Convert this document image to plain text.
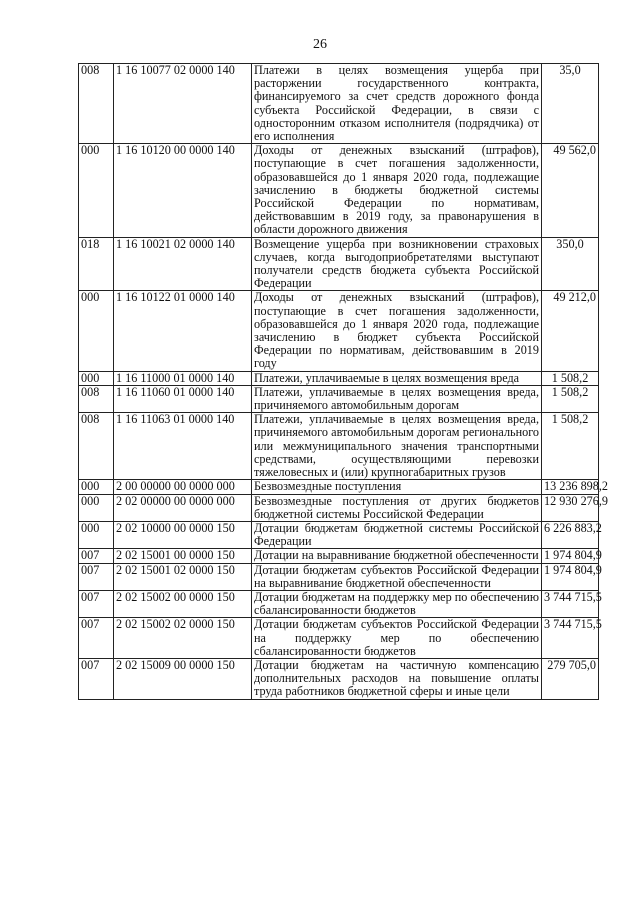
26
008	1 16 10077 02 0000 140	Платежи в целях возмещения ущерба при расторжении государственного контракта, финансируемого за счет средств дорожного фонда субъекта Российской Федерации, в связи с односторонним отказом исполнителя (подрядчика) от его исполнения	35,0
000	1 16 10120 00 0000 140	Доходы от денежных взысканий (штрафов), поступающие в счет погашения задолженности, образовавшейся до 1 января 2020 года, подлежащие зачислению в бюджеты бюджетной системы Российской Федерации по нормативам, действовавшим в 2019 году, за правонарушения в области дорожного движения	49 562,0
018	1 16 10021 02 0000 140	Возмещение ущерба при возникновении страховых случаев, когда выгодоприобретателями выступают получатели средств бюджета субъекта Российской Федерации	350,0
000	1 16 10122 01 0000 140	Доходы от денежных взысканий (штрафов), поступающие в счет погашения задолженности, образовавшейся до 1 января 2020 года, подлежащие зачислению в бюджет субъекта Российской Федерации по нормативам, действовавшим в 2019 году	49 212,0
000	1 16 11000 01 0000 140	Платежи, уплачиваемые в целях возмещения вреда	1 508,2
008	1 16 11060 01 0000 140	Платежи, уплачиваемые в целях возмещения вреда, причиняемого автомобильным дорогам	1 508,2
008	1 16 11063 01 0000 140	Платежи, уплачиваемые в целях возмещения вреда, причиняемого автомобильным дорогам регионального или межмуниципального значения транспортными средствами, осуществляющими перевозки тяжеловесных и (или) крупногабаритных грузов	1 508,2
000	2 00 00000 00 0000 000	Безвозмездные поступления	13 236 898,2
000	2 02 00000 00 0000 000	Безвозмездные поступления от других бюджетов бюджетной системы Российской Федерации	12 930 276,9
000	2 02 10000 00 0000 150	Дотации бюджетам бюджетной системы Российской Федерации	6 226 883,2
007	2 02 15001 00 0000 150	Дотации на выравнивание бюджетной обеспеченности	1 974 804,9
007	2 02 15001 02 0000 150	Дотации бюджетам субъектов Российской Федерации на выравнивание бюджетной обеспеченности	1 974 804,9
007	2 02 15002 00 0000 150	Дотации бюджетам на поддержку мер по обеспечению сбалансированности бюджетов	3 744 715,5
007	2 02 15002 02 0000 150	Дотации бюджетам субъектов Российской Федерации на поддержку мер по обеспечению сбалансированности бюджетов	3 744 715,5
007	2 02 15009 00 0000 150	Дотации бюджетам на частичную компенсацию дополнительных расходов на повышение оплаты труда работников бюджетной сферы и иные цели	279 705,0
